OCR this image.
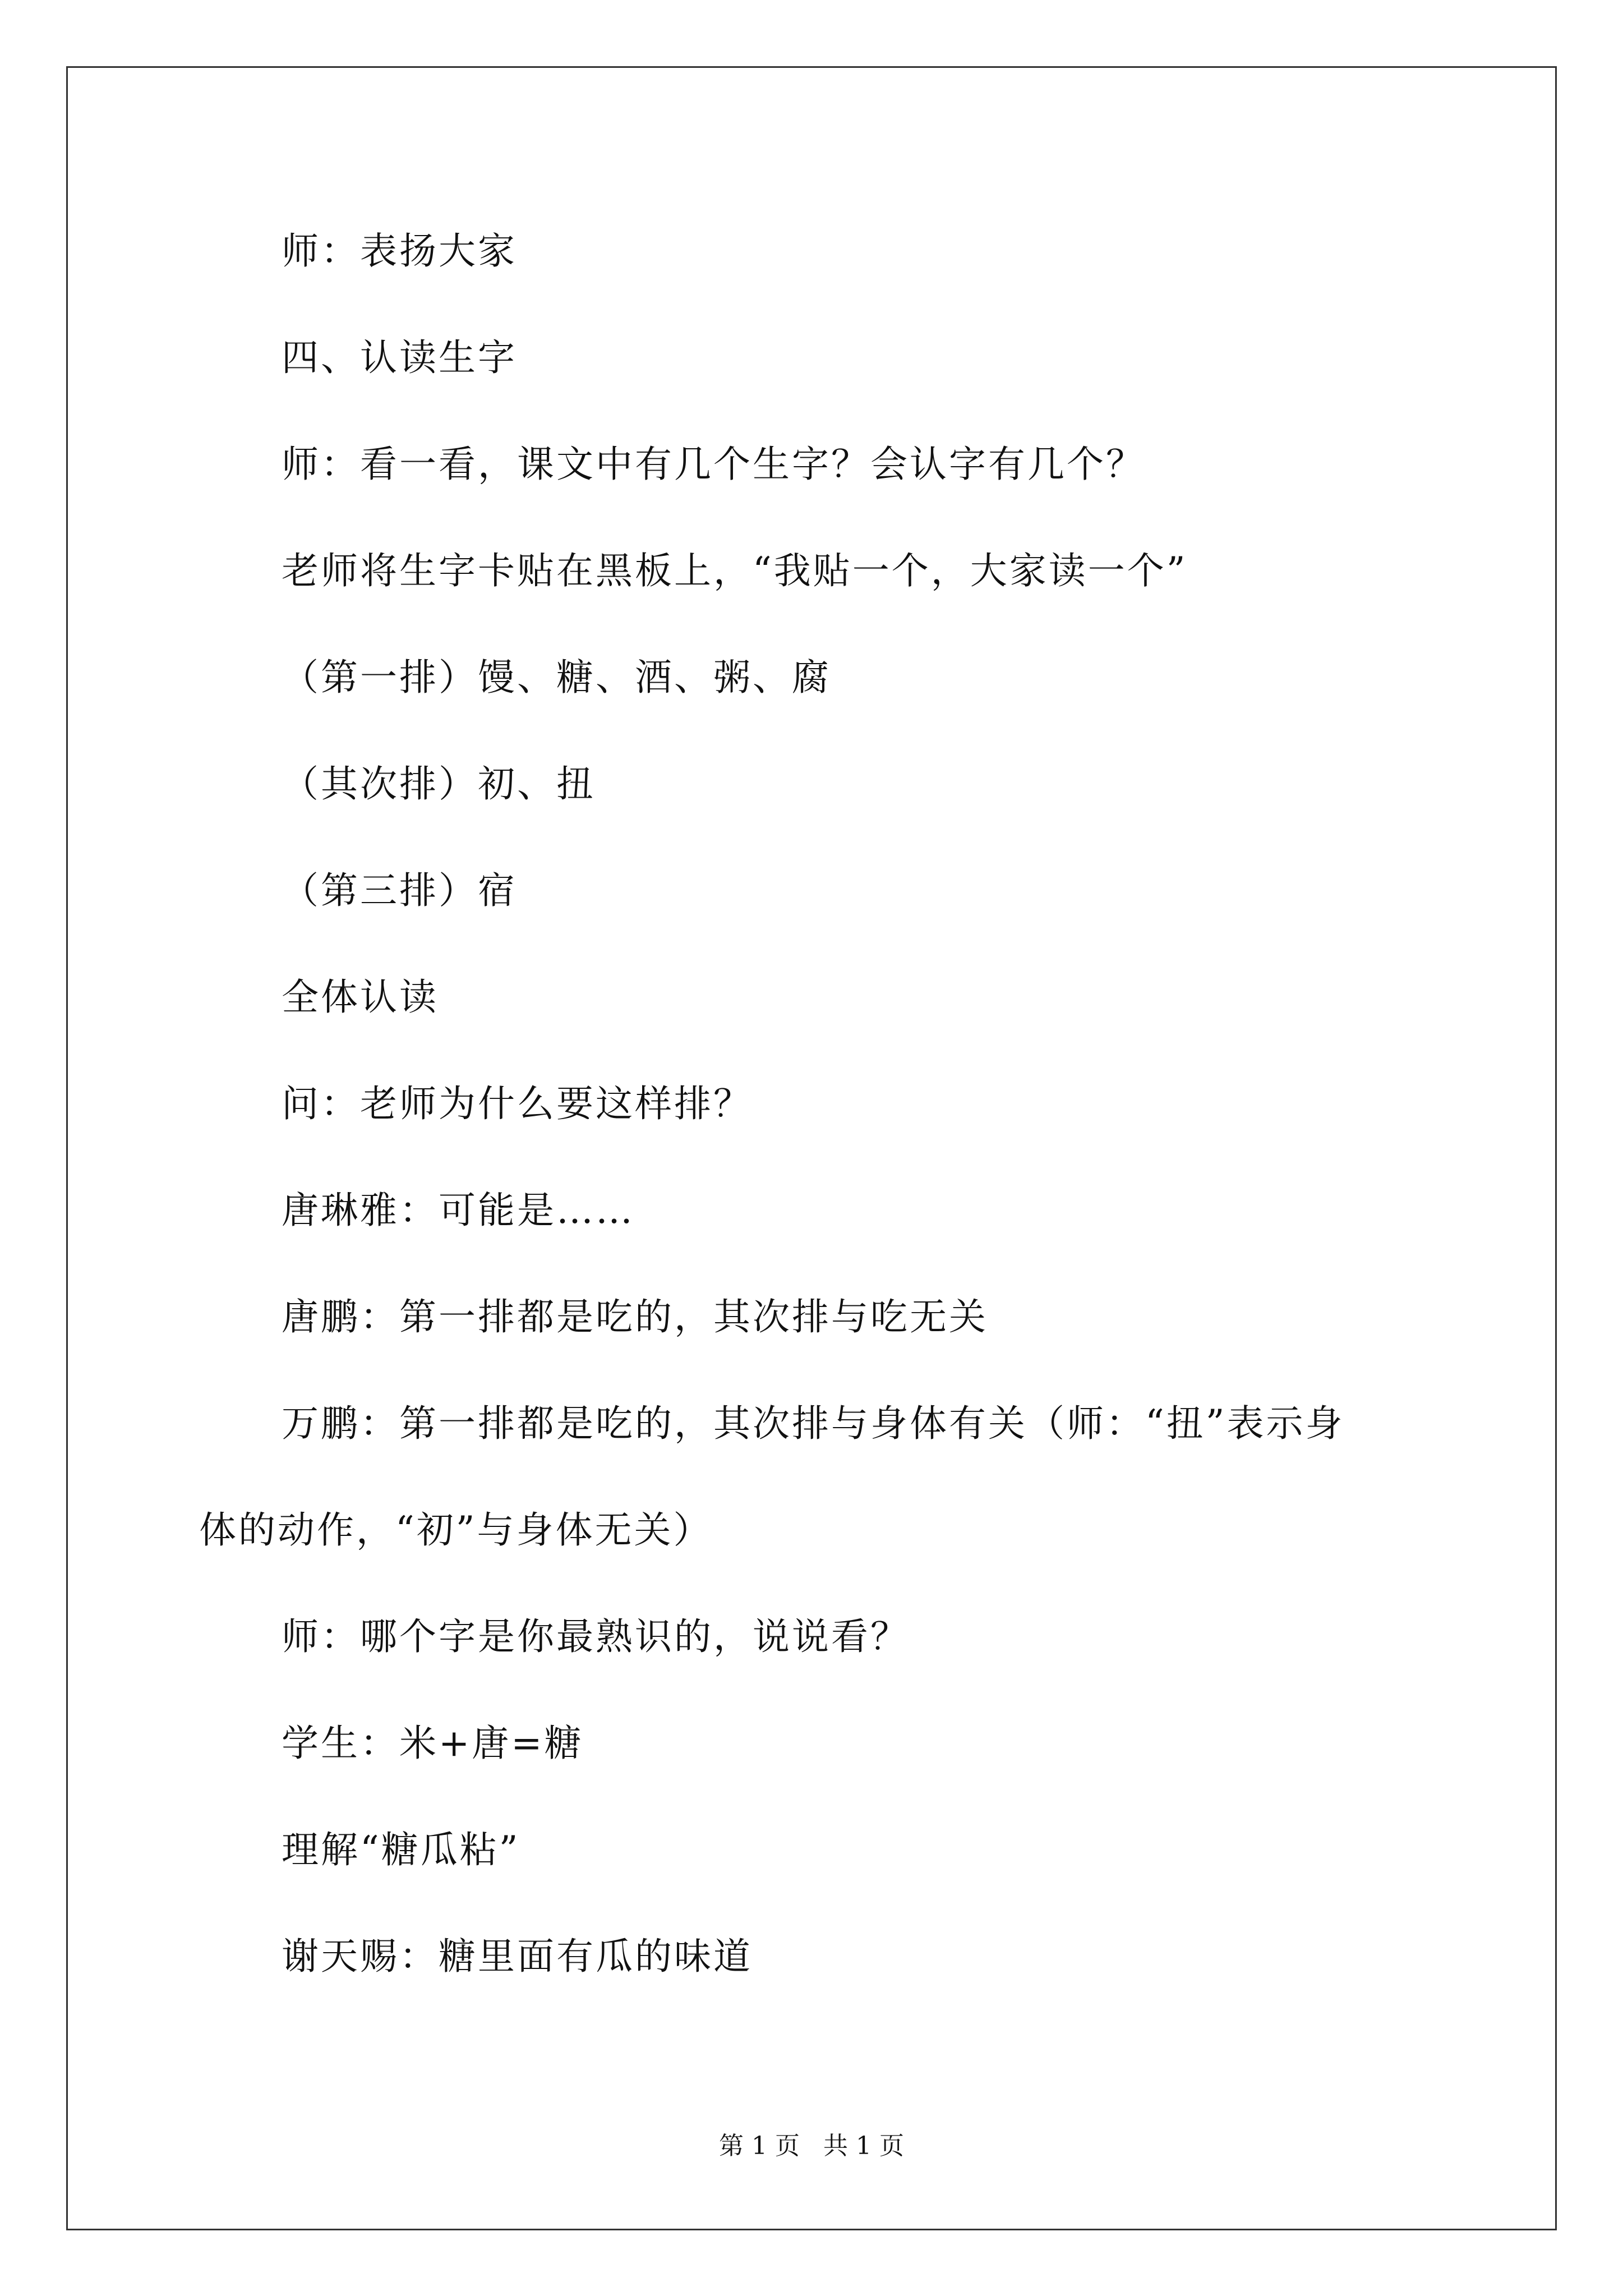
师：表扬大家
四、认读生字
师：看一看，课文中有几个生字？会认字有几个？
老师将生字卡贴在黑板上，“我贴一个，大家读一个”
（第一排）馒、糖、酒、粥、腐
（其次排）初、扭
（第三排）宿
全体认读
问：老师为什么要这样排？
唐琳雅：可能是……
唐鹏：第一排都是吃的，其次排与吃无关
万鹏：第一排都是吃的，其次排与身体有关（师：“扭”表示身
体的动作，“初”与身体无关）
师：哪个字是你最熟识的，说说看？
学生：米+唐=糖
理解“糖瓜粘”
谢天赐：糖里面有瓜的味道
第 1 页   共 1 页
